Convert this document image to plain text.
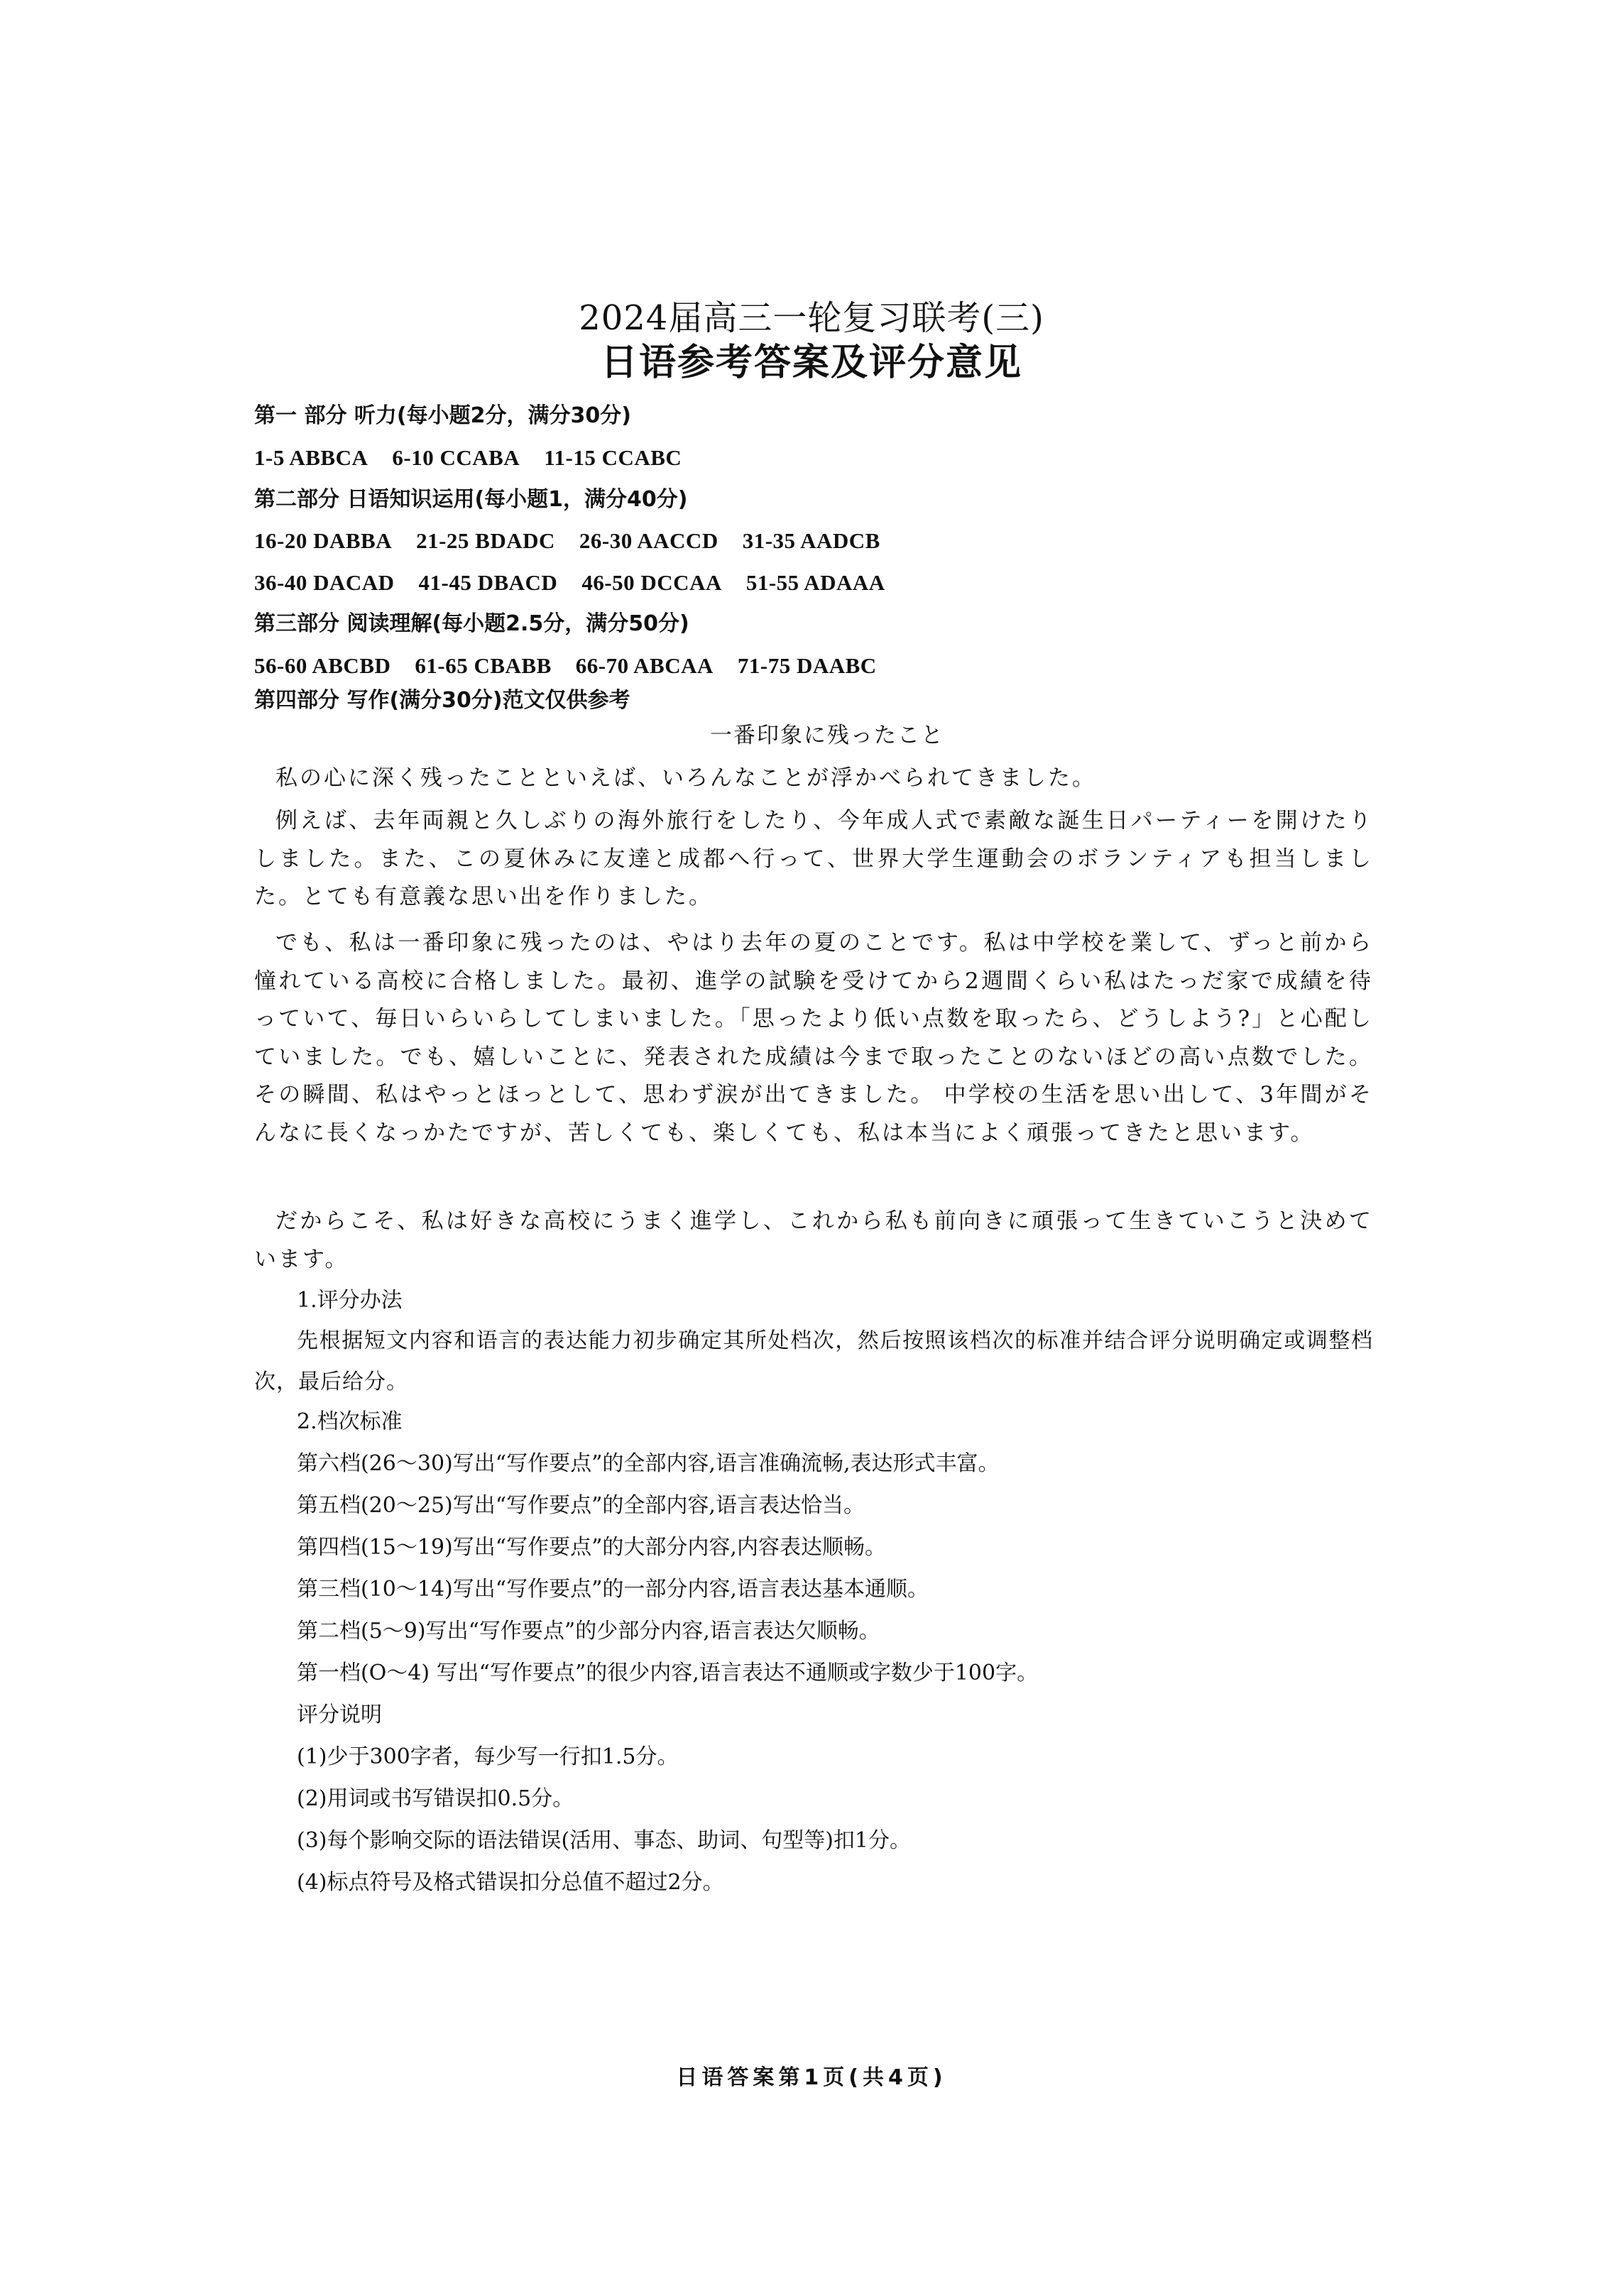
2024届高三一轮复习联考(三)
日语参考答案及评分意见
第一 部分 听力(每小题2分，满分30分)
1-5 ABBCA 6-10 CCABA 11-15 CCABC
第二部分 日语知识运用(每小题1，满分40分)
16-20 DABBA 21-25 BDADC 26-30 AACCD 31-35 AADCB
36-40 DACAD 41-45 DBACD 46-50 DCCAA 51-55 ADAAA
第三部分 阅读理解(每小题2.5分，满分50分)
56-60 ABCBD 61-65 CBABB 66-70 ABCAA 71-75 DAABC
第四部分 写作(满分30分)范文仅供参考
一番印象に残ったこと

私の心に深く残ったことといえば、いろんなことが浮かべられてきました。

例えば、去年両親と久しぶりの海外旅行をしたり、今年成人式で素敵な誕生日パーティーを開けたりしました。また、この夏休みに友達と成都へ行って、世界大学生運動会のボランティアも担当しました。とても有意義な思い出を作りました。

でも、私は一番印象に残ったのは、やはり去年の夏のことです。私は中学校を業して、ずっと前から憧れている高校に合格しました。最初、進学の試験を受けてから2週間くらい私はたっだ家で成績を待っていて、毎日いらいらしてしまいました。「思ったより低い点数を取ったら、どうしよう?」と心配していました。でも、嬉しいことに、発表された成績は今まで取ったことのないほどの高い点数でした。その瞬間、私はやっとほっとして、思わず涙が出てきました。 中学校の生活を思い出して、3年間がそんなに長くなっかたですが、苦しくても、楽しくても、私は本当によく頑張ってきたと思います。

だからこそ、私は好きな高校にうまく進学し、これから私も前向きに頑張って生きていこうと決めています。

1.评分办法
先根据短文内容和语言的表达能力初步确定其所处档次，然后按照该档次的标准并结合评分说明确定或调整档次，最后给分。
2.档次标准
第六档(26～30)写出“写作要点”的全部内容,语言准确流畅,表达形式丰富。
第五档(20～25)写出“写作要点”的全部内容,语言表达恰当。
第四档(15～19)写出“写作要点”的大部分内容,内容表达顺畅。
第三档(10～14)写出“写作要点”的一部分内容,语言表达基本通顺。
第二档(5～9)写出“写作要点”的少部分内容,语言表达欠顺畅。
第一档(O～4) 写出“写作要点”的很少内容,语言表达不通顺或字数少于100字。
评分说明
(1)少于300字者，每少写一行扣1.5分。
(2)用词或书写错误扣0.5分。
(3)每个影响交际的语法错误(活用、事态、助词、句型等)扣1分。
(4)标点符号及格式错误扣分总值不超过2分。
日语答案第1页(共4页)
